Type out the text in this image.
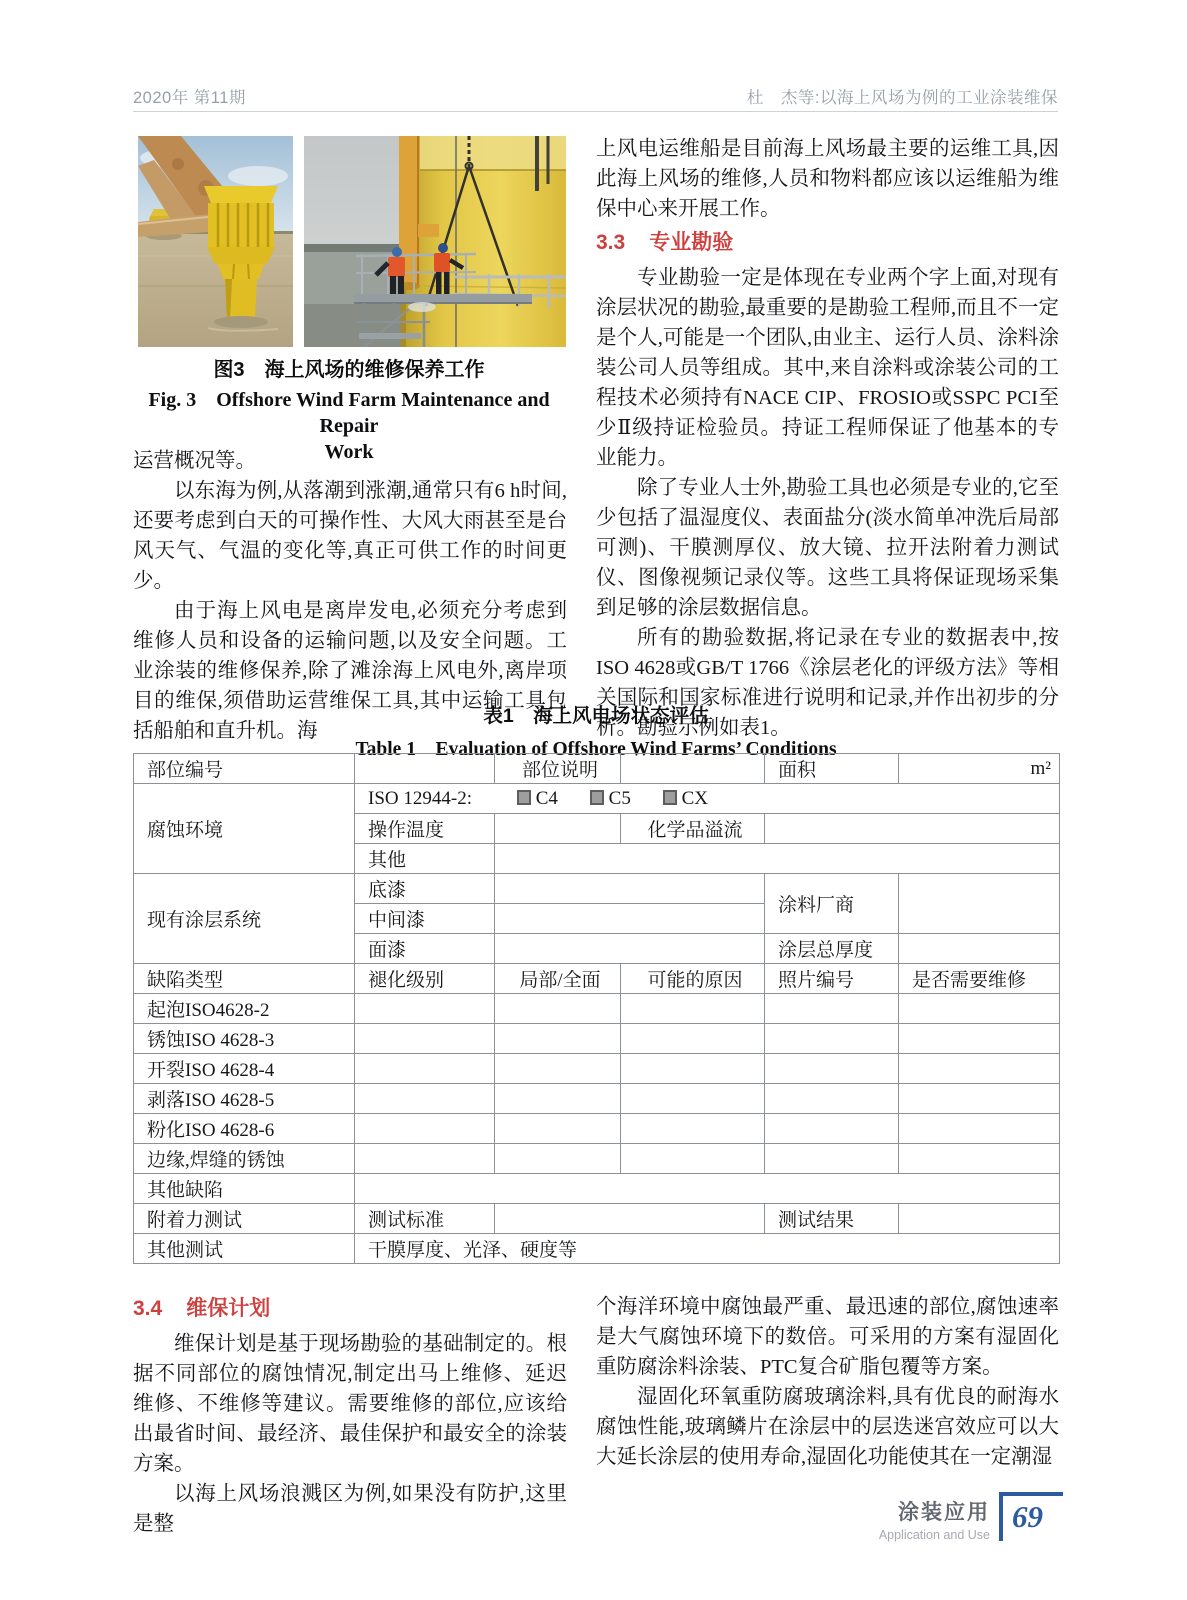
2020年 第11期	杜　杰等:以海上风场为例的工业涂装维保
图3　海上风场的维修保养工作
Fig. 3　Offshore Wind Farm Maintenance and Repair
Work

运营概况等。

以东海为例,从落潮到涨潮,通常只有6 h时间,还要考虑到白天的可操作性、大风大雨甚至是台风天气、气温的变化等,真正可供工作的时间更少。

由于海上风电是离岸发电,必须充分考虑到维修人员和设备的运输问题,以及安全问题。工业涂装的维修保养,除了滩涂海上风电外,离岸项目的维保,须借助运营维保工具,其中运输工具包括船舶和直升机。海

上风电运维船是目前海上风场最主要的运维工具,因此海上风场的维修,人员和物料都应该以运维船为维保中心来开展工作。

3.3 专业勘验

专业勘验一定是体现在专业两个字上面,对现有涂层状况的勘验,最重要的是勘验工程师,而且不一定是个人,可能是一个团队,由业主、运行人员、涂料涂装公司人员等组成。其中,来自涂料或涂装公司的工程技术必须持有NACE CIP、FROSIO或SSPC PCI至少Ⅱ级持证检验员。持证工程师保证了他基本的专业能力。

除了专业人士外,勘验工具也必须是专业的,它至少包括了温湿度仪、表面盐分(淡水简单冲洗后局部可测)、干膜测厚仪、放大镜、拉开法附着力测试仪、图像视频记录仪等。这些工具将保证现场采集到足够的涂层数据信息。

所有的勘验数据,将记录在专业的数据表中,按ISO 4628或GB/T 1766《涂层老化的评级方法》等相关国际和国家标准进行说明和记录,并作出初步的分析。勘验示例如表1。

表1　海上风电场状态评估
Table 1　Evaluation of Offshore Wind Farms’ Conditions
部位编号		部位说明		面积	m²
腐蚀环境	ISO 12944-2: C4 C5 CX				
	操作温度		化学品溢流		
	其他				
现有涂层系统	底漆			涂料厂商	
	中间漆				
	面漆			涂层总厚度	
缺陷类型	褪化级别	局部/全面	可能的原因	照片编号	是否需要维修
起泡ISO4628-2					
锈蚀ISO 4628-3					
开裂ISO 4628-4					
剥落ISO 4628-5					
粉化ISO 4628-6					
边缘,焊缝的锈蚀					
其他缺陷					
附着力测试	测试标准			测试结果	
其他测试	干膜厚度、光泽、硬度等				
3.4 维保计划

维保计划是基于现场勘验的基础制定的。根据不同部位的腐蚀情况,制定出马上维修、延迟维修、不维修等建议。需要维修的部位,应该给出最省时间、最经济、最佳保护和最安全的涂装方案。

以海上风场浪溅区为例,如果没有防护,这里是整

个海洋环境中腐蚀最严重、最迅速的部位,腐蚀速率是大气腐蚀环境下的数倍。可采用的方案有湿固化重防腐涂料涂装、PTC复合矿脂包覆等方案。

湿固化环氧重防腐玻璃涂料,具有优良的耐海水腐蚀性能,玻璃鳞片在涂层中的层迭迷宫效应可以大大延长涂层的使用寿命,湿固化功能使其在一定潮湿

涂装应用
Application and Use
69
